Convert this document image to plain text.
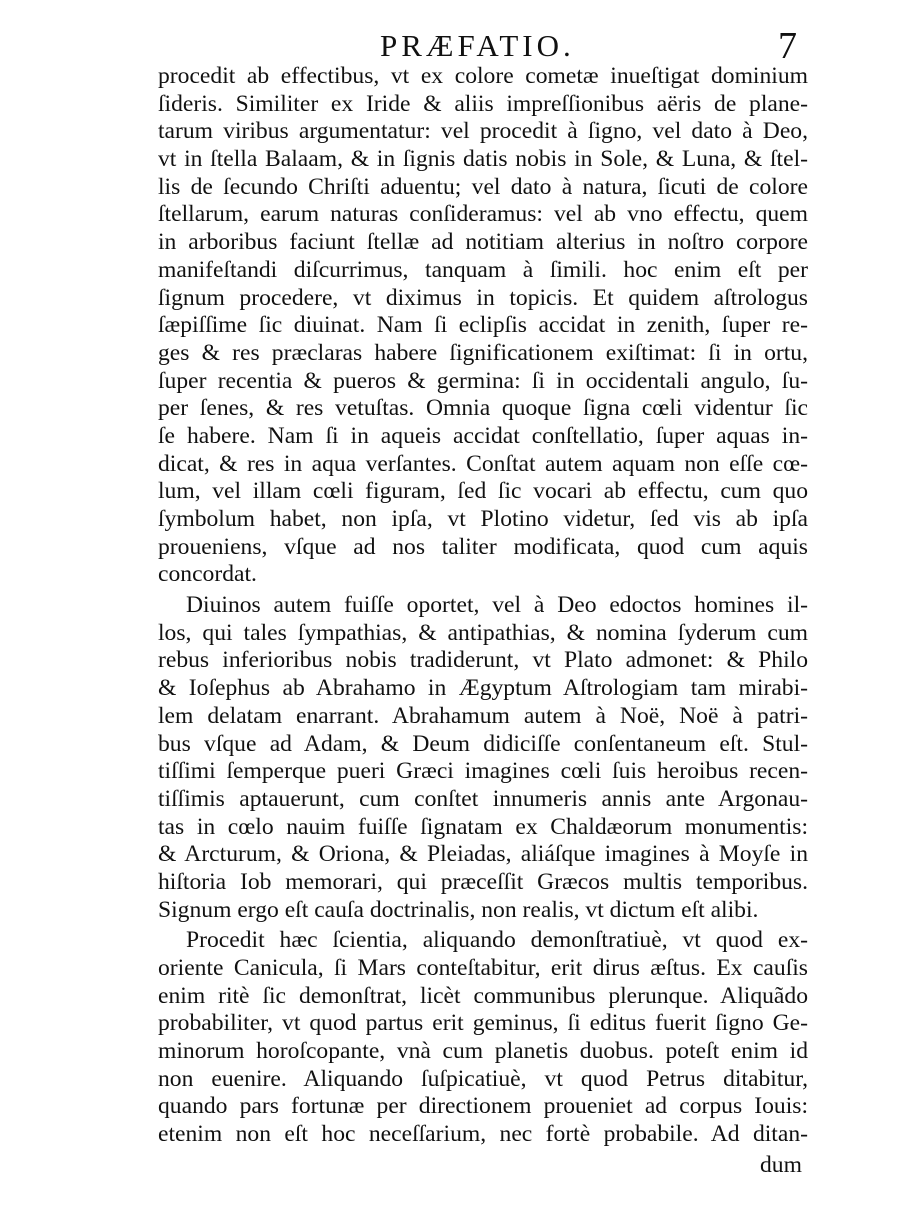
PRÆFATIO.	7
procedit ab effectibus, vt ex colore cometæ inueſtigat dominium
ſideris. Similiter ex Iride & aliis impreſſionibus aëris de plane-
tarum viribus argumentatur: vel procedit à ſigno, vel dato à Deo,
vt in ſtella Balaam, & in ſignis datis nobis in Sole, & Luna, & ſtel-
lis de ſecundo Chriſti aduentu; vel dato à natura, ſicuti de colore
ſtellarum, earum naturas conſideramus: vel ab vno effectu, quem
in arboribus faciunt ſtellæ ad notitiam alterius in noſtro corpore
manifeſtandi diſcurrimus, tanquam à ſimili. hoc enim eſt per
ſignum procedere, vt diximus in topicis. Et quidem aſtrologus
ſæpiſſime ſic diuinat. Nam ſi eclipſis accidat in zenith, ſuper re-
ges & res præclaras habere ſignificationem exiſtimat: ſi in ortu,
ſuper recentia & pueros & germina: ſi in occidentali angulo, ſu-
per ſenes, & res vetuſtas. Omnia quoque ſigna cœli videntur ſic
ſe habere. Nam ſi in aqueis accidat conſtellatio, ſuper aquas in-
dicat, & res in aqua verſantes. Conſtat autem aquam non eſſe cœ-
lum, vel illam cœli figuram, ſed ſic vocari ab effectu, cum quo
ſymbolum habet, non ipſa, vt Plotino videtur, ſed vis ab ipſa
proueniens, vſque ad nos taliter modificata, quod cum aquis
concordat.
Diuinos autem fuiſſe oportet, vel à Deo edoctos homines il-
los, qui tales ſympathias, & antipathias, & nomina ſyderum cum
rebus inferioribus nobis tradiderunt, vt Plato admonet: & Philo
& Ioſephus ab Abrahamo in Ægyptum Aſtrologiam tam mirabi-
lem delatam enarrant. Abrahamum autem à Noë, Noë à patri-
bus vſque ad Adam, & Deum didiciſſe conſentaneum eſt. Stul-
tiſſimi ſemperque pueri Græci imagines cœli ſuis heroibus recen-
tiſſimis aptauerunt, cum conſtet innumeris annis ante Argonau-
tas in cœlo nauim fuiſſe ſignatam ex Chaldæorum monumentis:
& Arcturum, & Oriona, & Pleiadas, aliáſque imagines à Moyſe in
hiſtoria Iob memorari, qui præceſſit Græcos multis temporibus.
Signum ergo eſt cauſa doctrinalis, non realis, vt dictum eſt alibi.
Procedit hæc ſcientia, aliquando demonſtratiuè, vt quod ex-
oriente Canicula, ſi Mars conteſtabitur, erit dirus æſtus. Ex cauſis
enim ritè ſic demonſtrat, licèt communibus plerunque. Aliquãdo
probabiliter, vt quod partus erit geminus, ſi editus fuerit ſigno Ge-
minorum horoſcopante, vnà cum planetis duobus. poteſt enim id
non euenire. Aliquando ſuſpicatiuè, vt quod Petrus ditabitur,
quando pars fortunæ per directionem proueniet ad corpus Iouis:
etenim non eſt hoc neceſſarium, nec fortè probabile. Ad ditan-
dum
